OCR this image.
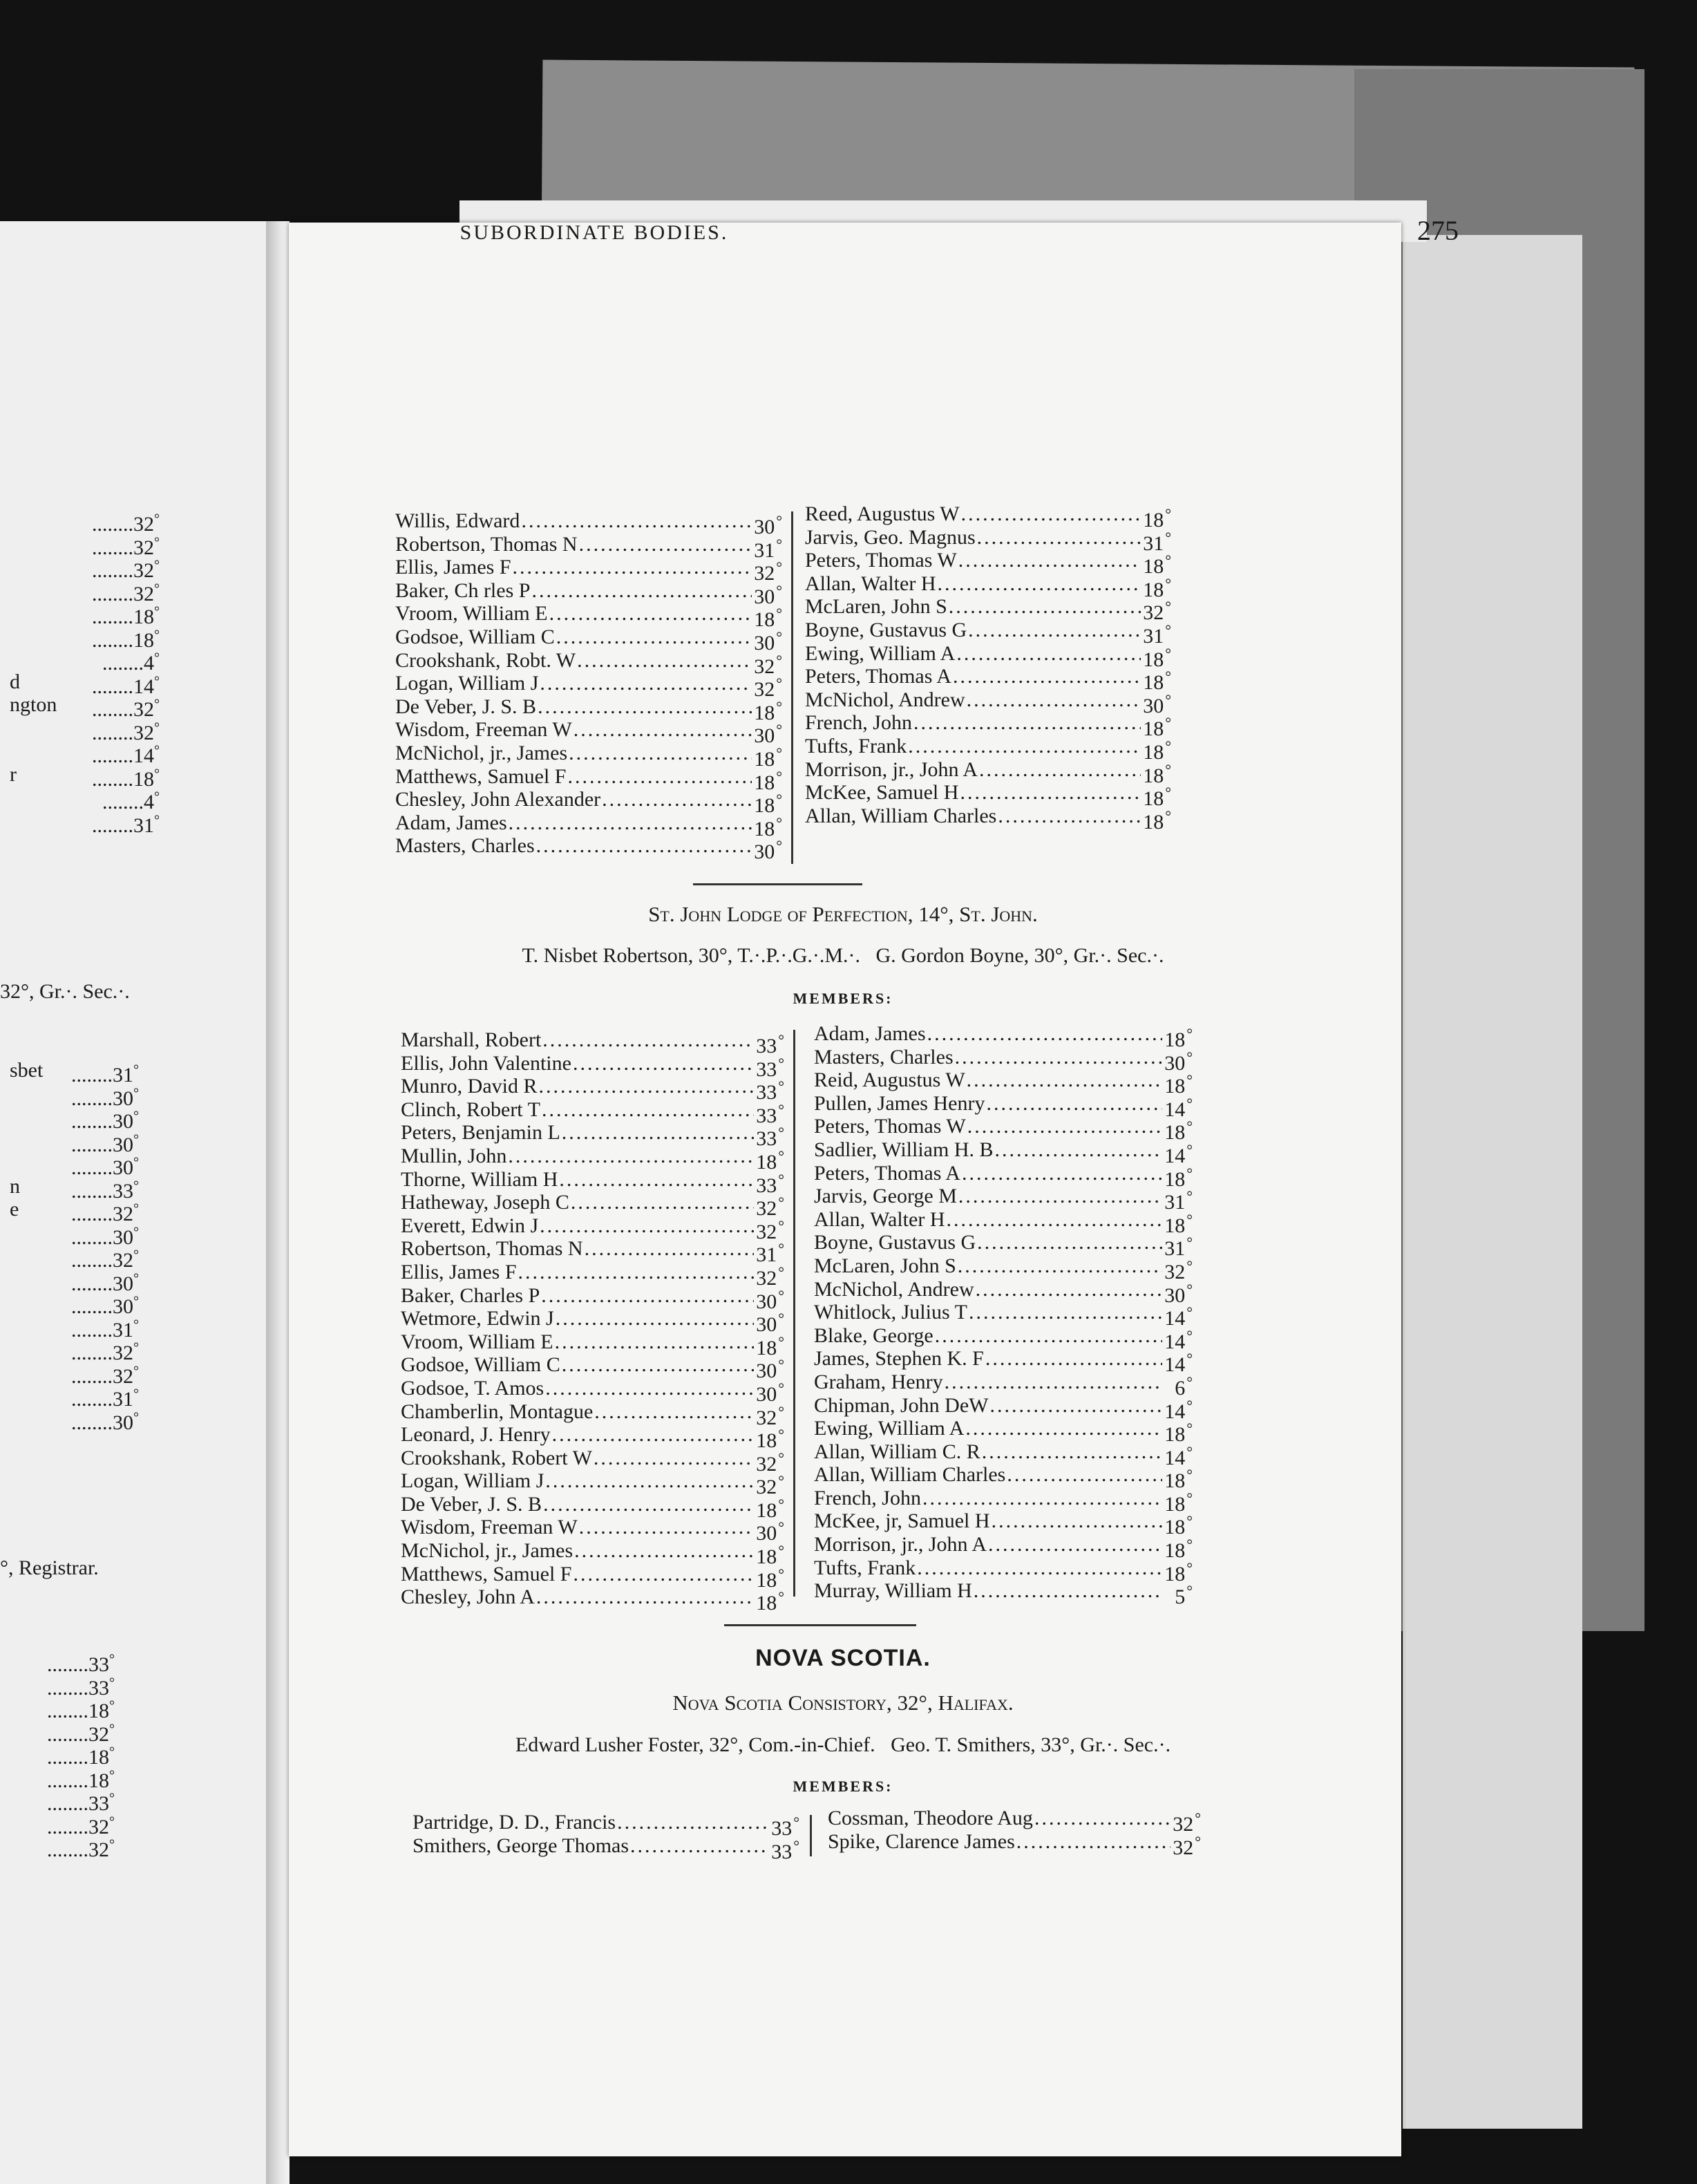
........32°
........32°
........32°
........32°
........18°
........18°
........4°
d	........14°
ngton ........32°
........32°
........14°
r	........18°
........4°
........31°
sbet ........31°
........30°
........30°
........30°
........30°
n ........33°
e	........32°
........30°
........32°
........30°
........30°
........31°
........32°
........32°
........31°
........30°
........33°
........33°
........18°
........32°
........18°
........18°
........33°
........32°
........32°
32°, Gr.·. Sec.·.
°, Registrar.
SUBORDINATE BODIES.	275
Willis, Edward .....	30 °
Robertson, Thomas N .....	31 °
Ellis, James F .....	32 °
Baker, Ch rles P .....	30 °
Vroom, William E .....	18 °
Godsoe, William C .....	30 °
Crookshank, Robt. W .....	32 °
Logan, William J .....	32 °
De Veber, J. S. B .....	18 °
Wisdom, Freeman W .....	30 °
McNichol, jr., James .....	18 °
Matthews, Samuel F .....	18 °
Chesley, John Alexander .....	18 °
Adam, James .....	18 °
Masters, Charles .....	30 °
Reed, Augustus W .....	18 °
Jarvis, Geo. Magnus .....	31 °
Peters, Thomas W .....	18 °
Allan, Walter H .....	18 °
McLaren, John S .....	32 °
Boyne, Gustavus G .....	31 °
Ewing, William A .....	18 °
Peters, Thomas A .....	18 °
McNichol, Andrew .....	30 °
French, John .....	18 °
Tufts, Frank .....	18 °
Morrison, jr., John A .....	18 °
McKee, Samuel H .....	18 °
Allan, William Charles .....	18 °
St. John Lodge of Perfection, 14°, St. John.
T. Nisbet Robertson, 30°, T.·.P.·.G.·.M.·.   G. Gordon Boyne, 30°, Gr.·. Sec.·.
MEMBERS:
Marshall, Robert .....	33 °
Ellis, John Valentine .....	33 °
Munro, David R .....	33 °
Clinch, Robert T .....	33 °
Peters, Benjamin L .....	33 °
Mullin, John .....	18 °
Thorne, William H .....	33 °
Hatheway, Joseph C .....	32 °
Everett, Edwin J .....	32 °
Robertson, Thomas N .....	31 °
Ellis, James F .....	32 °
Baker, Charles P .....	30 °
Wetmore, Edwin J .....	30 °
Vroom, William E .....	18 °
Godsoe, William C .....	30 °
Godsoe, T. Amos .....	30 °
Chamberlin, Montague .....	32 °
Leonard, J. Henry .....	18 °
Crookshank, Robert W .....	32 °
Logan, William J .....	32 °
De Veber, J. S. B .....	18 °
Wisdom, Freeman W .....	30 °
McNichol, jr., James .....	18 °
Matthews, Samuel F .....	18 °
Chesley, John A .....	18 °
Adam, James .....	18 °
Masters, Charles .....	30 °
Reid, Augustus W .....	18 °
Pullen, James Henry .....	14 °
Peters, Thomas W .....	18 °
Sadlier, William H. B .....	14 °
Peters, Thomas A .....	18 °
Jarvis, George M .....	31 °
Allan, Walter H .....	18 °
Boyne, Gustavus G .....	31 °
McLaren, John S .....	32 °
McNichol, Andrew .....	30 °
Whitlock, Julius T .....	14 °
Blake, George .....	14 °
James, Stephen K. F .....	14 °
Graham, Henry .....	6 °
Chipman, John DeW .....	14 °
Ewing, William A .....	18 °
Allan, William C. R .....	14 °
Allan, William Charles .....	18 °
French, John .....	18 °
McKee, jr, Samuel H .....	18 °
Morrison, jr., John A .....	18 °
Tufts, Frank .....	18 °
Murray, William H .....	5 °
NOVA SCOTIA.
Nova Scotia Consistory, 32°, Halifax.
Edward Lusher Foster, 32°, Com.-in-Chief.   Geo. T. Smithers, 33°, Gr.·. Sec.·.
MEMBERS:
Partridge, D. D., Francis .....	33 °
Smithers, George Thomas .....	33 °
Cossman, Theodore Aug .....	32 °
Spike, Clarence James .....	32 °
